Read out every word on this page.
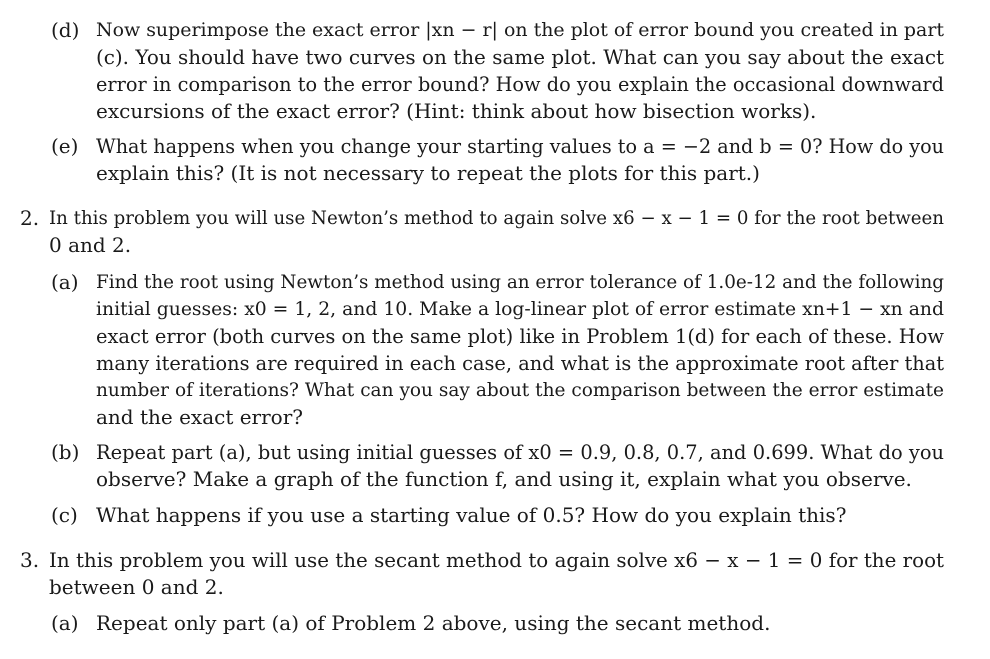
(d) Now superimpose the exact error |xn − r| on the plot of error bound you created in part
(c). You should have two curves on the same plot. What can you say about the exact
error in comparison to the error bound? How do you explain the occasional downward
excursions of the exact error? (Hint: think about how bisection works).
(e) What happens when you change your starting values to a = −2 and b = 0? How do you
explain this? (It is not necessary to repeat the plots for this part.)
2. In this problem you will use Newton’s method to again solve x6 − x − 1 = 0 for the root between
0 and 2.
(a) Find the root using Newton’s method using an error tolerance of 1.0e-12 and the following
initial guesses: x0 = 1, 2, and 10. Make a log-linear plot of error estimate xn+1 − xn and
exact error (both curves on the same plot) like in Problem 1(d) for each of these. How
many iterations are required in each case, and what is the approximate root after that
number of iterations? What can you say about the comparison between the error estimate
and the exact error?
(b) Repeat part (a), but using initial guesses of x0 = 0.9, 0.8, 0.7, and 0.699. What do you
observe? Make a graph of the function f, and using it, explain what you observe.
(c) What happens if you use a starting value of 0.5? How do you explain this?
3. In this problem you will use the secant method to again solve x6 − x − 1 = 0 for the root
between 0 and 2.
(a) Repeat only part (a) of Problem 2 above, using the secant method.
